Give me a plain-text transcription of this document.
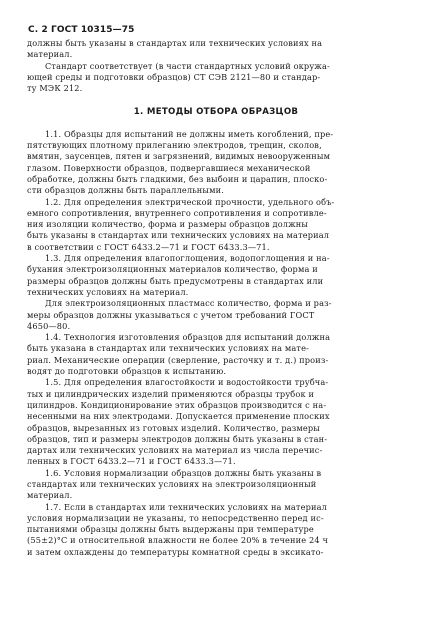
С. 2 ГОСТ 10315—75

должны быть указаны в стандартах или технических условиях на
материал.
Стандарт соответствует (в части стандартных условий окружа-
ющей среды и подготовки образцов) СТ СЭВ 2121—80 и стандар-
ту МЭК 212.

1. МЕТОДЫ ОТБОРА ОБРАЗЦОВ

1.1. Образцы для испытаний не должны иметь коroблений, пре-
пятствующих плотному прилеганию электродов, трещин, сколов,
вмятин, заусенцев, пятен и загрязнений, видимых невооруженным
глазом. Поверхности образцов, подвергавшиеся механической
обработке, должны быть гладкими, без выбоин и царапин, плоско-
сти образцов должны быть параллельными.

1.2. Для определения электрической прочности, удельного объ-
емного сопротивления, внутреннего сопротивления и сопротивле-
ния изоляции количество, форма и размеры образцов должны
быть указаны в стандартах или технических условиях на материал
в соответствии с ГОСТ 6433.2—71 и ГОСТ 6433.3—71.

1.3. Для определения влагопоглощения, водопоглощения и на-
бухания электроизоляционных материалов количество, форма и
размеры образцов должны быть предусмотрены в стандартах или
технических условиях на материал.

Для электроизоляционных пластмасс количество, форма и раз-
меры образцов должны указываться с учетом требований ГОСТ
4650—80.

1.4. Технология изготовления образцов для испытаний должна
быть указана в стандартах или технических условиях на мате-
риал. Механические операции (сверление, расточку и т. д.) произ-
водят до подготовки образцов к испытанию.

1.5. Для определения влагостойкости и водостойкости трубча-
тых и цилиндрических изделий применяются образцы трубок и
цилиндров. Кондиционирование этих образцов производится с на-
несенными на них электродами. Допускается применение плоских
образцов, вырезанных из готовых изделий. Количество, размеры
образцов, тип и размеры электродов должны быть указаны в стан-
дартах или технических условиях на материал из числа перечис-
ленных в ГОСТ 6433.2—71 и ГОСТ 6433.3—71.

1.6. Условия нормализации образцов должны быть указаны в
стандартах или технических условиях на электроизоляционный
материал.

1.7. Если в стандартах или технических условиях на материал
условия нормализации не указаны, то непосредственно перед ис-
пытаниями образцы должны быть выдержаны при температуре
(55±2)°С и относительной влажности не более 20% в течение 24 ч
и затем охлаждены до температуры комнатной среды в эксикато-
